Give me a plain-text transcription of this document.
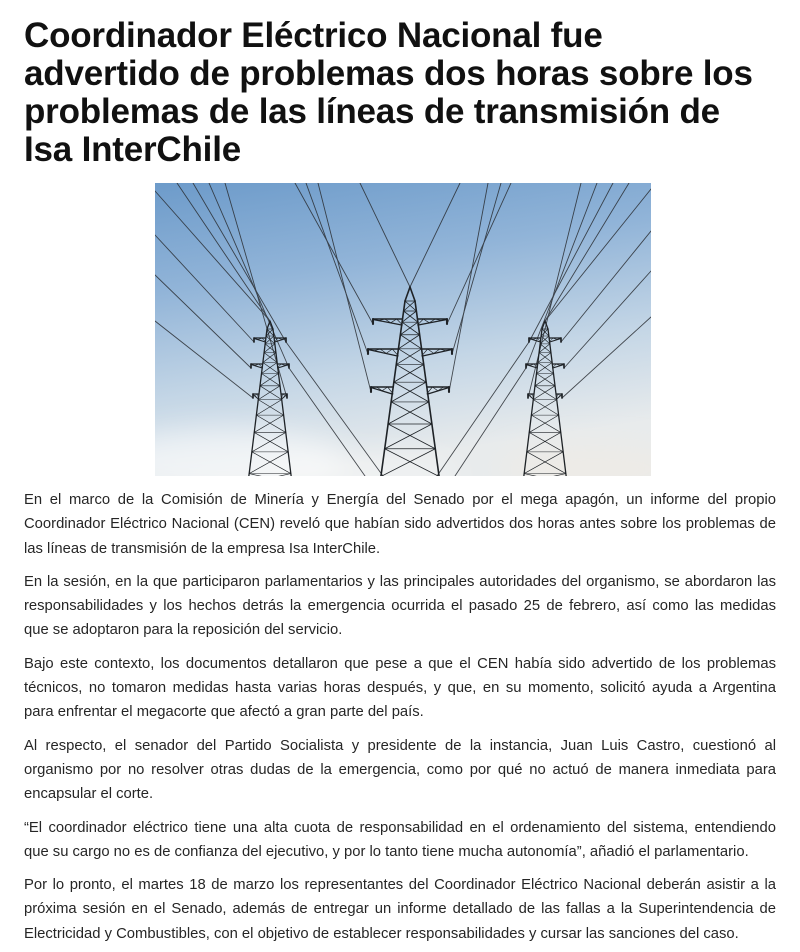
Coordinador Eléctrico Nacional fue
advertido de problemas dos horas sobre los
problemas de las líneas de transmisión de
Isa InterChile

En el marco de la Comisión de Minería y Energía del Senado por el mega apagón, un informe del propio
Coordinador Eléctrico Nacional (CEN) reveló que habían sido advertidos dos horas antes sobre los problemas de
las líneas de transmisión de la empresa Isa InterChile.

En la sesión, en la que participaron parlamentarios y las principales autoridades del organismo, se abordaron las
responsabilidades y los hechos detrás la emergencia ocurrida el pasado 25 de febrero, así como las medidas
que se adoptaron para la reposición del servicio.

Bajo este contexto, los documentos detallaron que pese a que el CEN había sido advertido de los problemas
técnicos, no tomaron medidas hasta varias horas después, y que, en su momento, solicitó ayuda a Argentina
para enfrentar el megacorte que afectó a gran parte del país.

Al respecto, el senador del Partido Socialista y presidente de la instancia, Juan Luis Castro, cuestionó al
organismo por no resolver otras dudas de la emergencia, como por qué no actuó de manera inmediata para
encapsular el corte.

“El coordinador eléctrico tiene una alta cuota de responsabilidad en el ordenamiento del sistema, entendiendo
que su cargo no es de confianza del ejecutivo, y por lo tanto tiene mucha autonomía”, añadió el parlamentario.

Por lo pronto, el martes 18 de marzo los representantes del Coordinador Eléctrico Nacional deberán asistir a la
próxima sesión en el Senado, además de entregar un informe detallado de las fallas a la Superintendencia de
Electricidad y Combustibles, con el objetivo de establecer responsabilidades y cursar las sanciones del caso.
